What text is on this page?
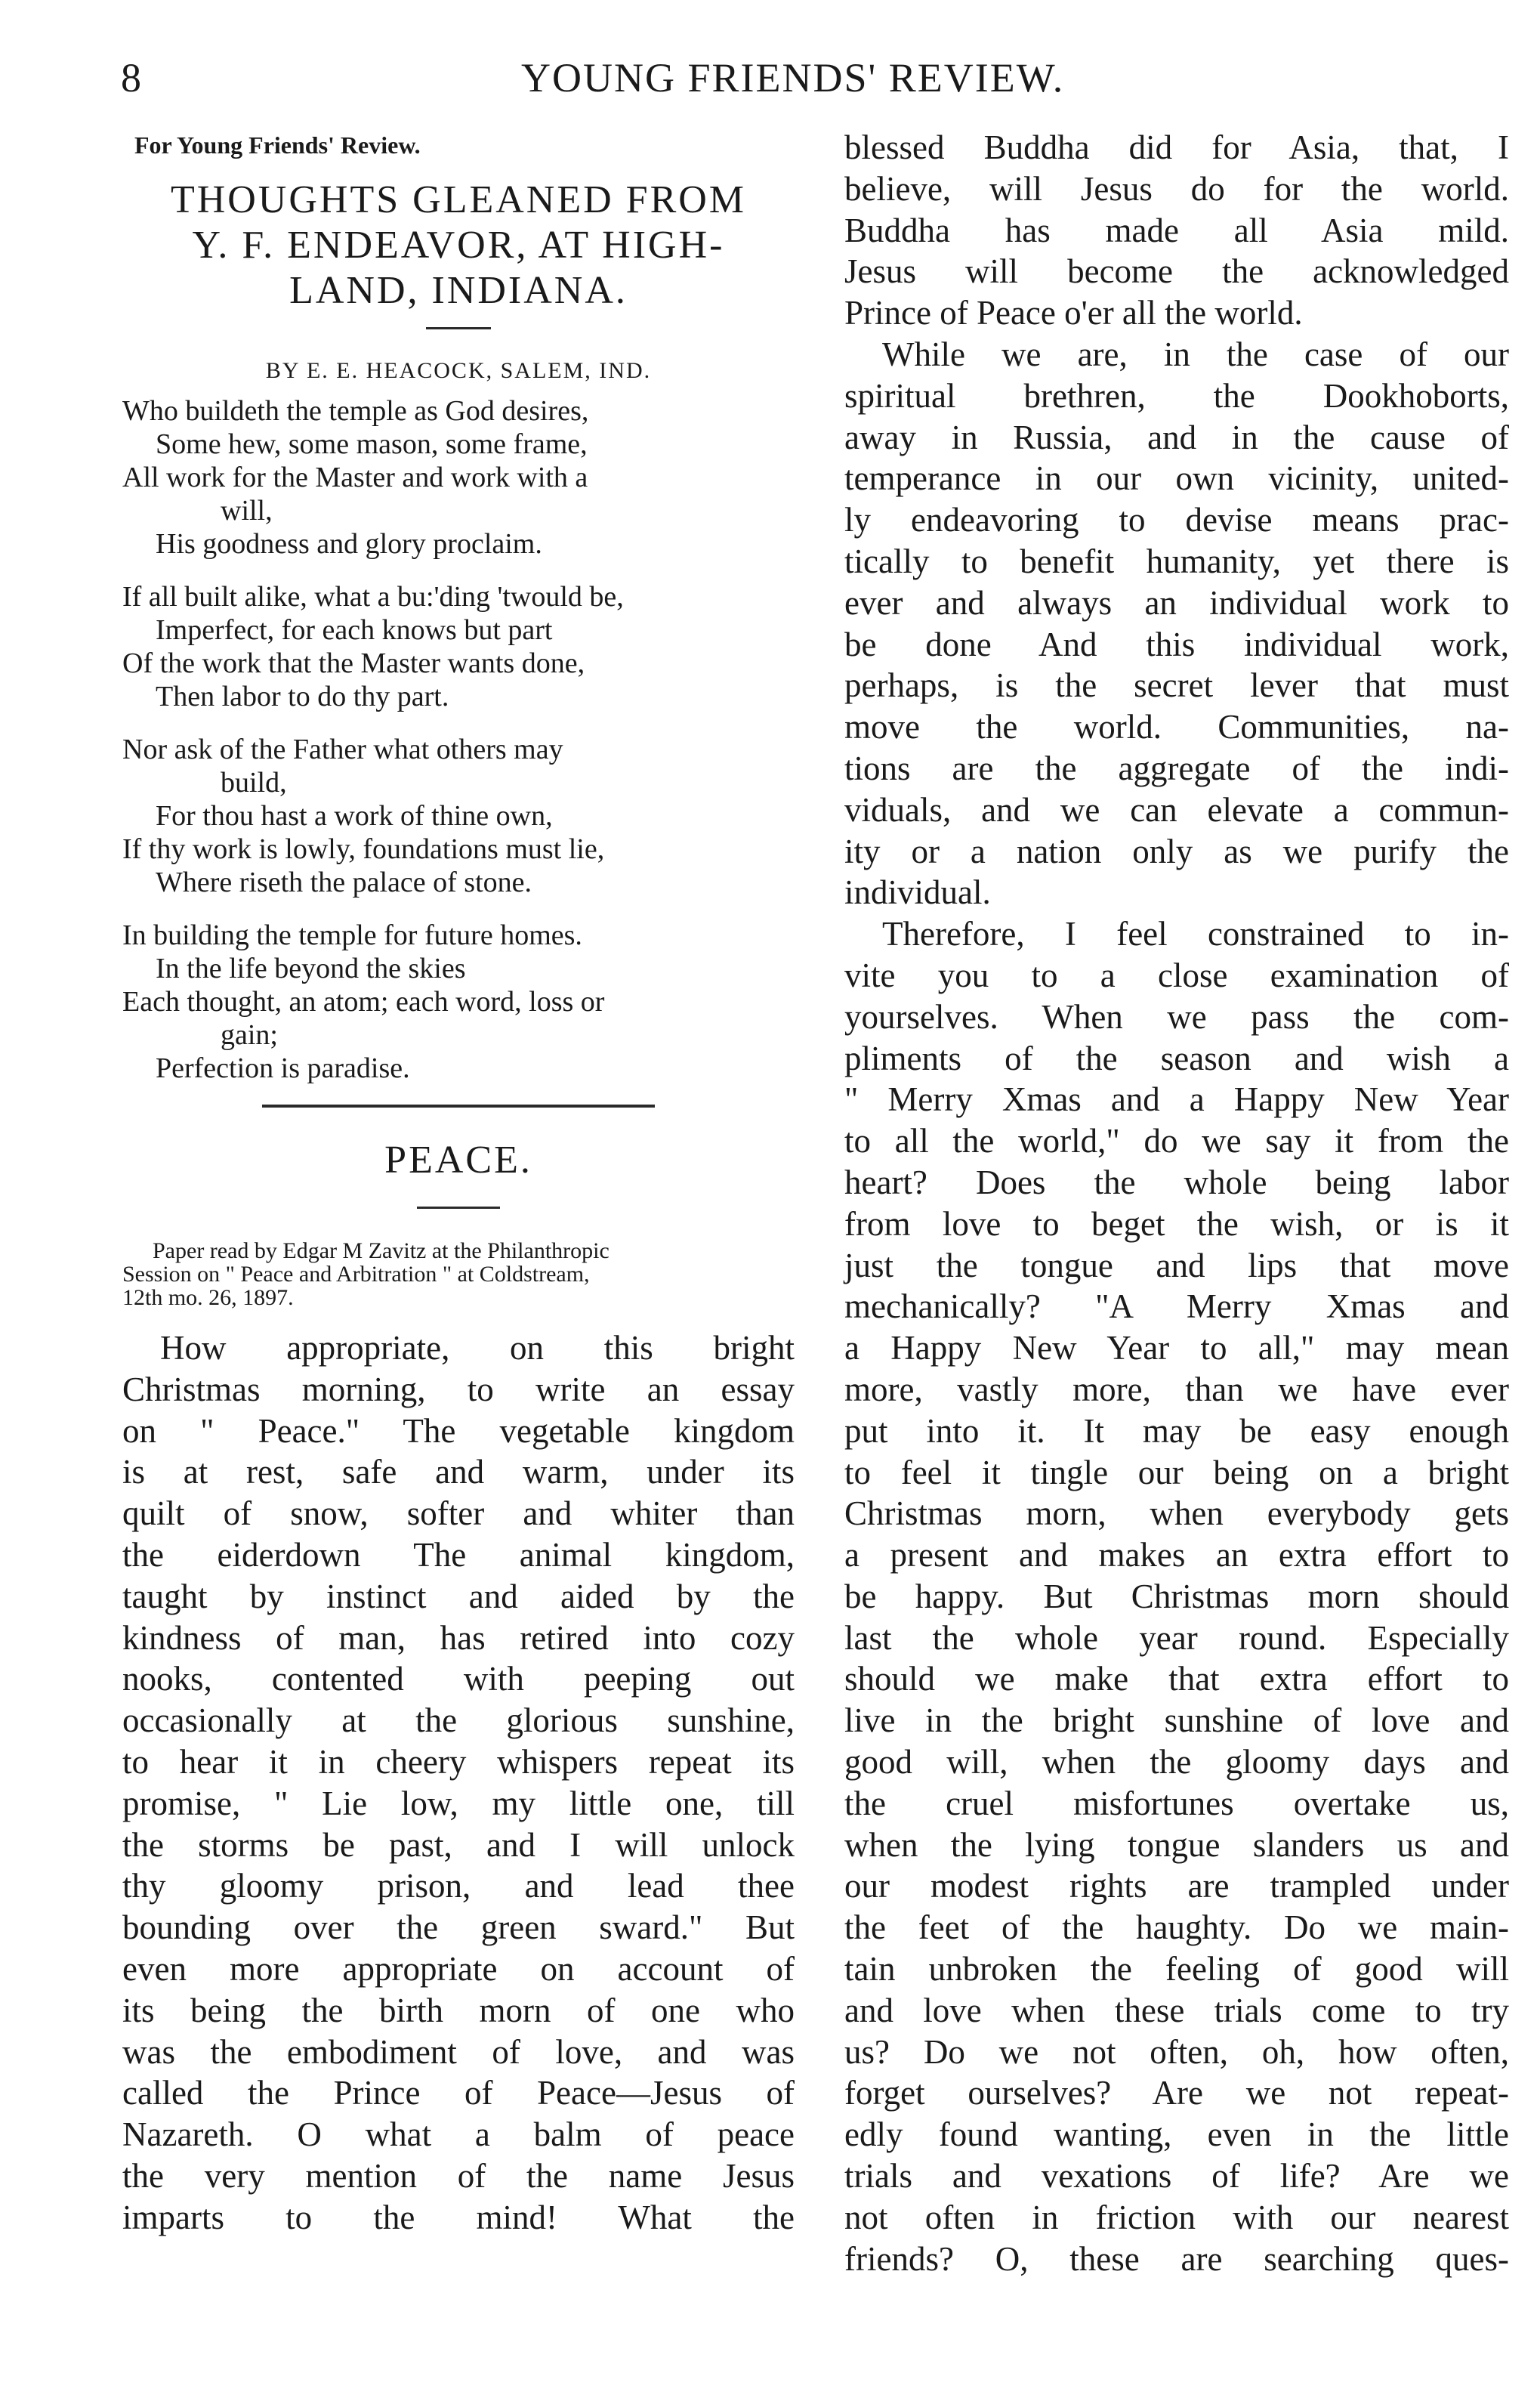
8	YOUNG FRIENDS' REVIEW.
For Young Friends' Review.
THOUGHTS GLEANED FROM
Y. F. ENDEAVOR, AT HIGH-
LAND, INDIANA.
BY E. E. HEACOCK, SALEM, IND.
Who buildeth the temple as God desires,
Some hew, some mason, some frame,
All work for the Master and work with a
will,
His goodness and glory proclaim.
If all built alike, what a bu:'ding 'twould be,
Imperfect, for each knows but part
Of the work that the Master wants done,
Then labor to do thy part.
Nor ask of the Father what others may
build,
For thou hast a work of thine own,
If thy work is lowly, foundations must lie,
Where riseth the palace of stone.
In building the temple for future homes.
In the life beyond the skies
Each thought, an atom; each word, loss or
gain;
Perfection is paradise.
PEACE.
Paper read by Edgar M Zavitz at the Philanthropic
Session on " Peace and Arbitration " at Coldstream,
12th mo. 26, 1897.
How appropriate, on this bright
Christmas morning, to write an essay
on " Peace." The vegetable kingdom
is at rest, safe and warm, under its
quilt of snow, softer and whiter than
the eiderdown The animal kingdom,
taught by instinct and aided by the
kindness of man, has retired into cozy
nooks, contented with peeping out
occasionally at the glorious sunshine,
to hear it in cheery whispers repeat its
promise, " Lie low, my little one, till
the storms be past, and I will unlock
thy gloomy prison, and lead thee
bounding over the green sward." But
even more appropriate on account of
its being the birth morn of one who
was the embodiment of love, and was
called the Prince of Peace—Jesus of
Nazareth. O what a balm of peace
the very mention of the name Jesus
imparts to the mind! What the
blessed Buddha did for Asia, that, I
believe, will Jesus do for the world.
Buddha has made all Asia mild.
Jesus will become the acknowledged
Prince of Peace o'er all the world.
While we are, in the case of our
spiritual brethren, the Dookhoborts,
away in Russia, and in the cause of
temperance in our own vicinity, united-
ly endeavoring to devise means prac-
tically to benefit humanity, yet there is
ever and always an individual work to
be done And this individual work,
perhaps, is the secret lever that must
move the world. Communities, na-
tions are the aggregate of the indi-
viduals, and we can elevate a commun-
ity or a nation only as we purify the
individual.
Therefore, I feel constrained to in-
vite you to a close examination of
yourselves. When we pass the com-
pliments of the season and wish a
" Merry Xmas and a Happy New Year
to all the world," do we say it from the
heart? Does the whole being labor
from love to beget the wish, or is it
just the tongue and lips that move
mechanically? "A Merry Xmas and
a Happy New Year to all," may mean
more, vastly more, than we have ever
put into it. It may be easy enough
to feel it tingle our being on a bright
Christmas morn, when everybody gets
a present and makes an extra effort to
be happy. But Christmas morn should
last the whole year round. Especially
should we make that extra effort to
live in the bright sunshine of love and
good will, when the gloomy days and
the cruel misfortunes overtake us,
when the lying tongue slanders us and
our modest rights are trampled under
the feet of the haughty. Do we main-
tain unbroken the feeling of good will
and love when these trials come to try
us? Do we not often, oh, how often,
forget ourselves? Are we not repeat-
edly found wanting, even in the little
trials and vexations of life? Are we
not often in friction with our nearest
friends? O, these are searching ques-
